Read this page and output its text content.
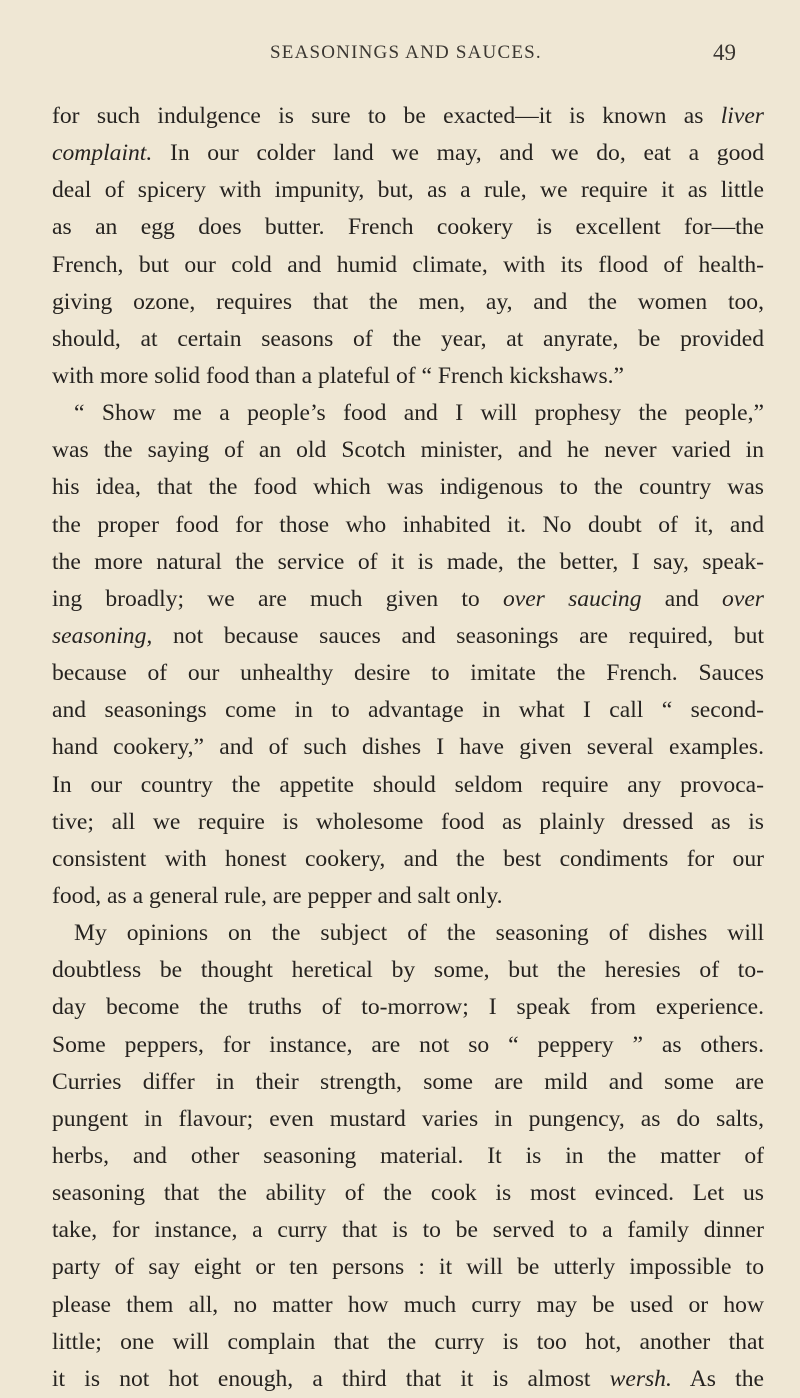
SEASONINGS AND SAUCES.	49
for such indulgence is sure to be exacted—it is known as liver
complaint. In our colder land we may, and we do, eat a good
deal of spicery with impunity, but, as a rule, we require it as little
as an egg does butter. French cookery is excellent for—the
French, but our cold and humid climate, with its flood of health-
giving ozone, requires that the men, ay, and the women too,
should, at certain seasons of the year, at anyrate, be provided
with more solid food than a plateful of “ French kickshaws.”
“ Show me a people’s food and I will prophesy the people,”
was the saying of an old Scotch minister, and he never varied in
his idea, that the food which was indigenous to the country was
the proper food for those who inhabited it. No doubt of it, and
the more natural the service of it is made, the better, I say, speak-
ing broadly; we are much given to over saucing and over
seasoning, not because sauces and seasonings are required, but
because of our unhealthy desire to imitate the French. Sauces
and seasonings come in to advantage in what I call “ second-
hand cookery,” and of such dishes I have given several examples.
In our country the appetite should seldom require any provoca-
tive; all we require is wholesome food as plainly dressed as is
consistent with honest cookery, and the best condiments for our
food, as a general rule, are pepper and salt only.
My opinions on the subject of the seasoning of dishes will
doubtless be thought heretical by some, but the heresies of to-
day become the truths of to-morrow; I speak from experience.
Some peppers, for instance, are not so “ peppery ” as others.
Curries differ in their strength, some are mild and some are
pungent in flavour; even mustard varies in pungency, as do salts,
herbs, and other seasoning material. It is in the matter of
seasoning that the ability of the cook is most evinced. Let us
take, for instance, a curry that is to be served to a family dinner
party of say eight or ten persons : it will be utterly impossible to
please them all, no matter how much curry may be used or how
little; one will complain that the curry is too hot, another that
it is not hot enough, a third that it is almost wersh. As the
